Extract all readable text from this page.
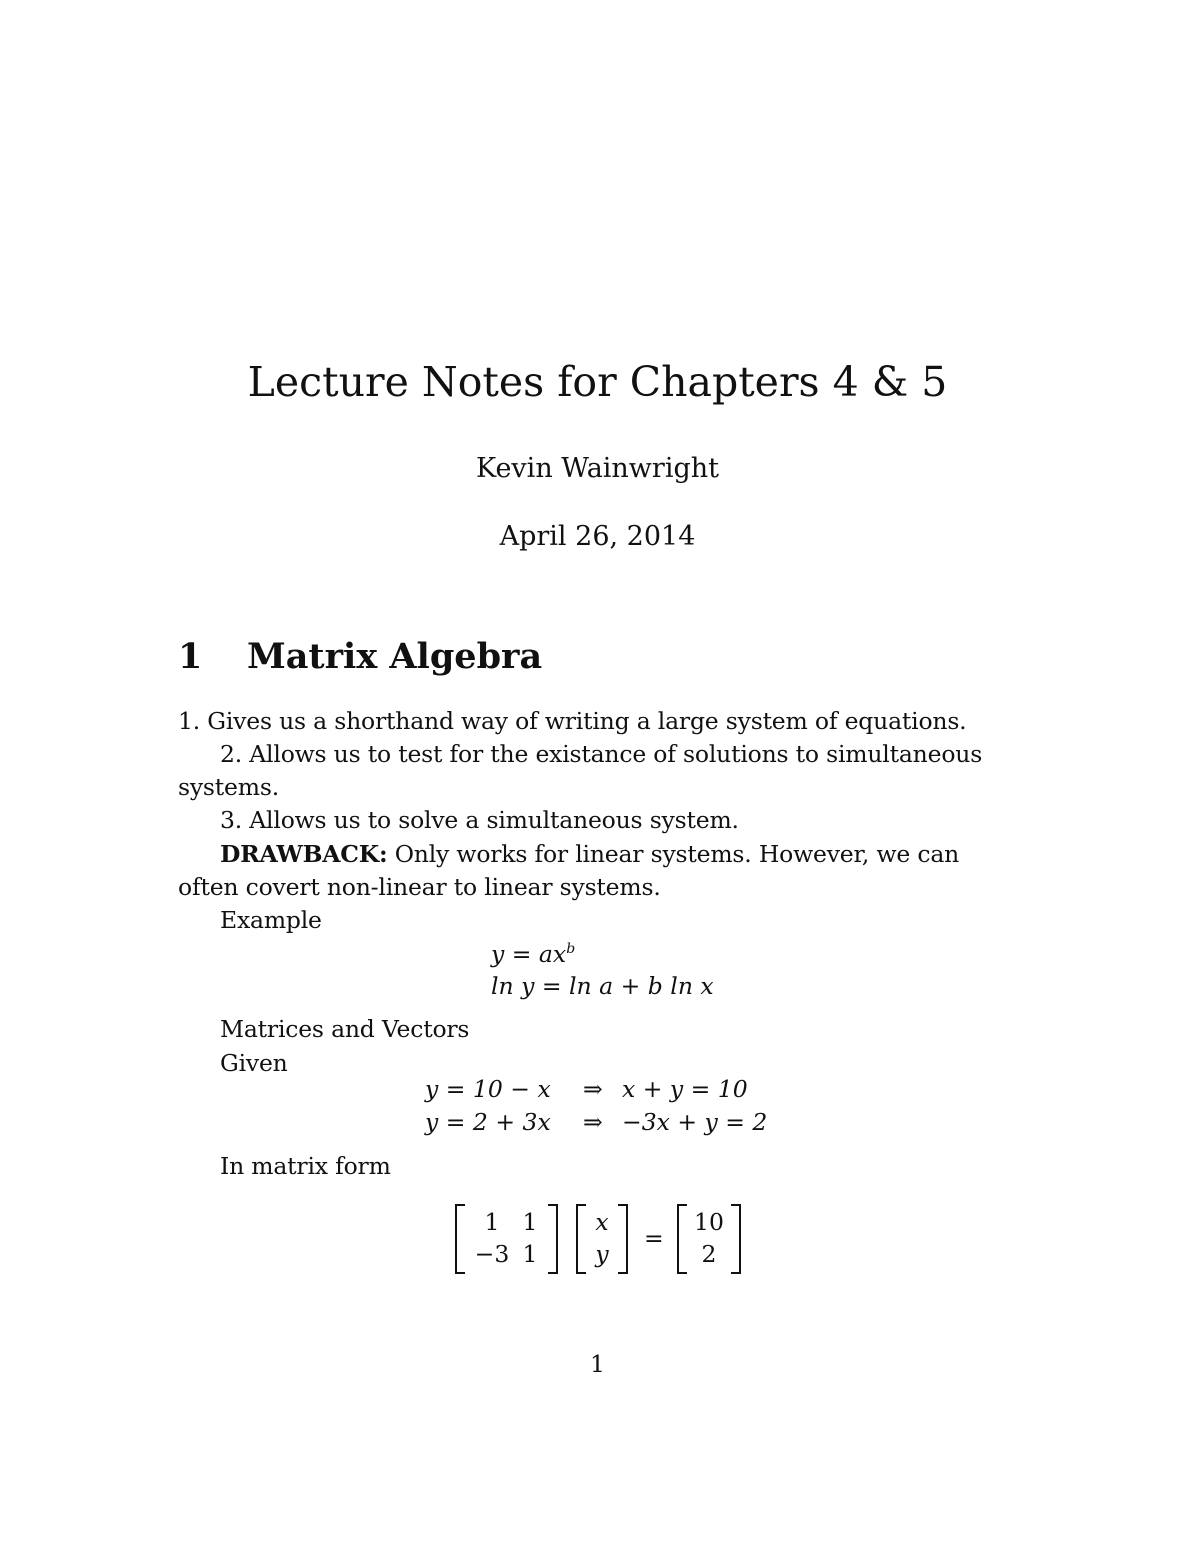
Lecture Notes for Chapters 4 & 5
Kevin Wainwright
April 26, 2014
1 Matrix Algebra
1. Gives us a shorthand way of writing a large system of equations.
2. Allows us to test for the existance of solutions to simultaneous
systems.
3. Allows us to solve a simultaneous system.
DRAWBACK: Only works for linear systems. However, we can
often covert non-linear to linear systems.
Example
$y = ax^b$
ln y = ln a + b ln x
Matrices and Vectors
Given
y = 10 − x ⇒ x + y = 10
y = 2 + 3x ⇒ −3x + y = 2
In matrix form
1 1
−3 1
x
y
=
10
2
1
